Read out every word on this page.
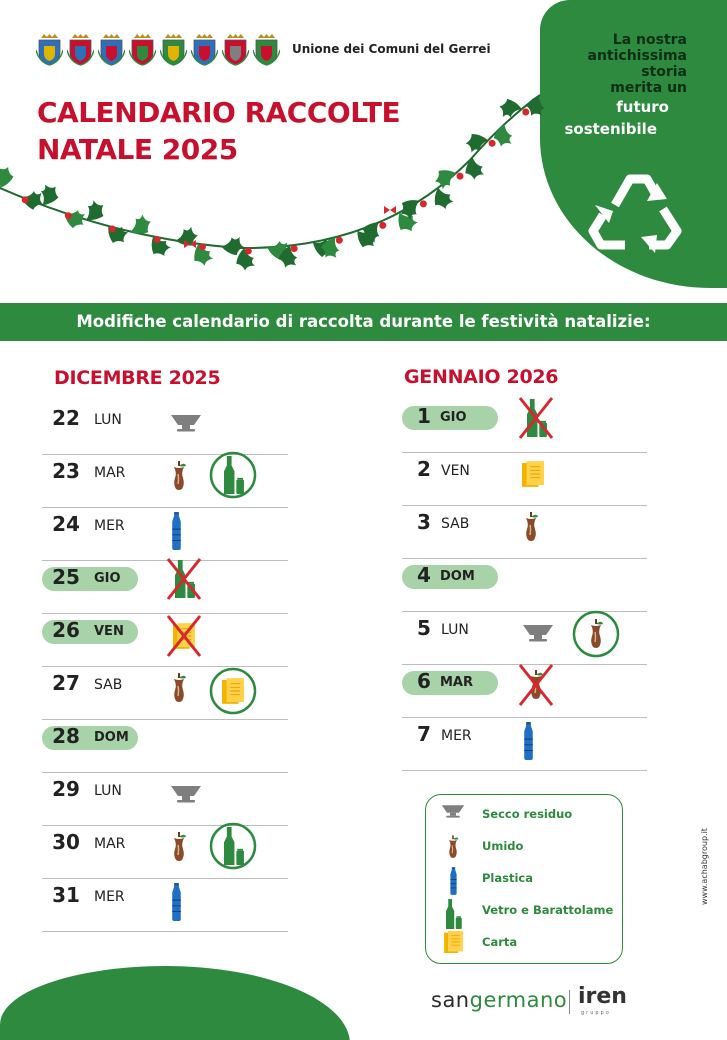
La nostra
antichissima
storia
merita un
futuro
sostenibile
Unione dei Comuni del Gerrei
CALENDARIO RACCOLTE
NATALE 2025
Modifiche calendario di raccolta durante le festività natalizie:
DICEMBRE 2025	GENNAIO 2026
22 LUN
23 MAR
24 MER
25	GIO
26	VEN
27 SAB
28	DOM
29 LUN
30 MAR
31 MER
1 GIO
2 VEN
3 SAB
4 DOM
5 LUN
6 MAR
7 MER
Secco residuo
Umido
Plastica
Vetro e Barattolame
Carta
www.achabgroup.it
sangermano iren
gruppo
